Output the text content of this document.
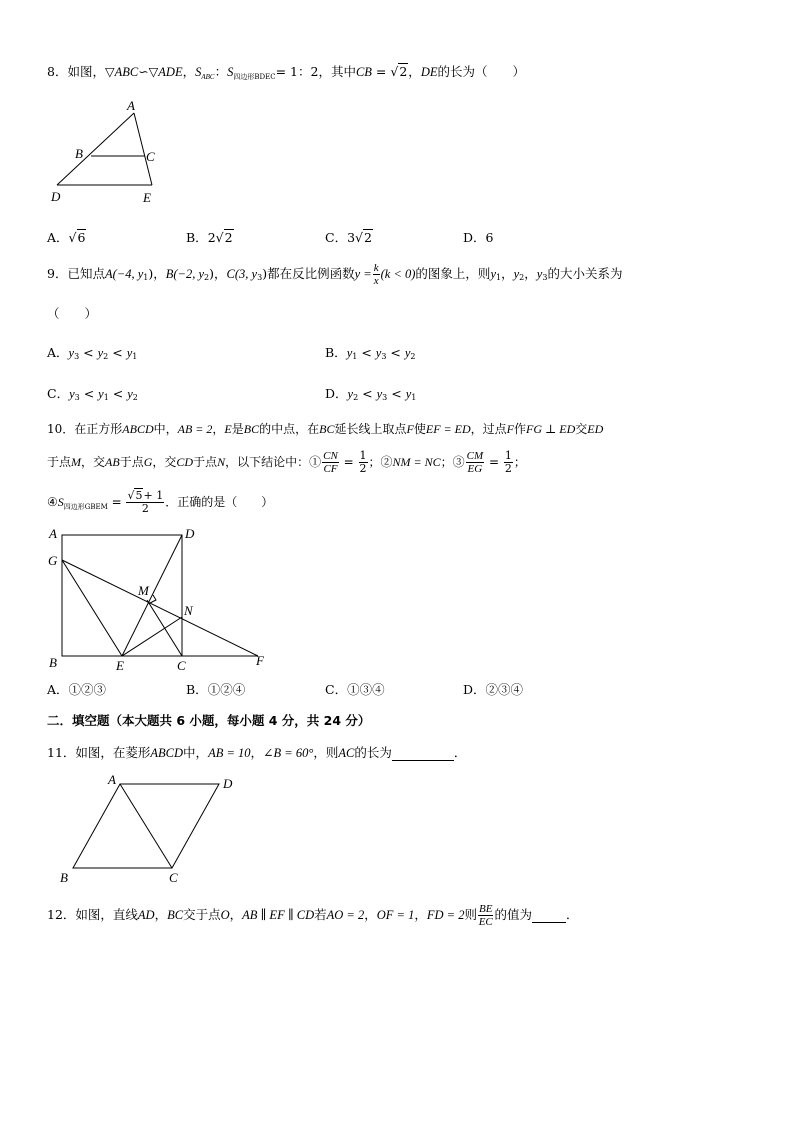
8．如图，▽ABC∽▽ADE，$S_{ABC}$：$S_{四边形BDEC}= 1$：2，其中CB = √2，DE的长为（　　）
A
B	C
D	E
A．√6	B．2√2	C．3√2	D．6
9．已知点A(−4, $y_1$)，B(−2, $y_2$)，C(3, $y_3$)都在反比例函数$y = \frac{k}{x} (k < 0)$的图象上，则$y_1$，$y_2$，$y_3$的大小关系为
（　　）
A．$y_3 < y_2 < y_1$	B．$y_1 < y_3 < y_2$
C．$y_3 < y_1 < y_2$	D．$y_2 < y_3 < y_1$
10．在正方形ABCD中，AB = 2，E是BC的中点，在BC延长线上取点F使EF = ED，过点F作FG ⊥ ED交ED
于点M，交AB于点G，交CD于点N，以下结论中：① $\frac{CN}{CF} = \frac{1}{2}$ ；②NM = NC；③ $\frac{CM}{EG} = \frac{1}{2}$ ；
$④S_{四边形GBEM} = \frac{√5+ 1}{2}$ ．正确的是（　　）
A	D
G
M
N
B	E	C	F
A．①②③	B．①②④	C．①③④	D．②③④
二．填空题（本大题共 6 小题，每小题 4 分，共 24 分）
11．如图，在菱形ABCD中，AB = 10，∠B = 60°，则AC的长为	．
A	D
B	C
12．如图，直线AD，BC交于点O，AB ∥ EF ∥ CD若AO = 2，OF = 1，FD = 2则 $\frac{BE}{EC}$ 的值为	．
